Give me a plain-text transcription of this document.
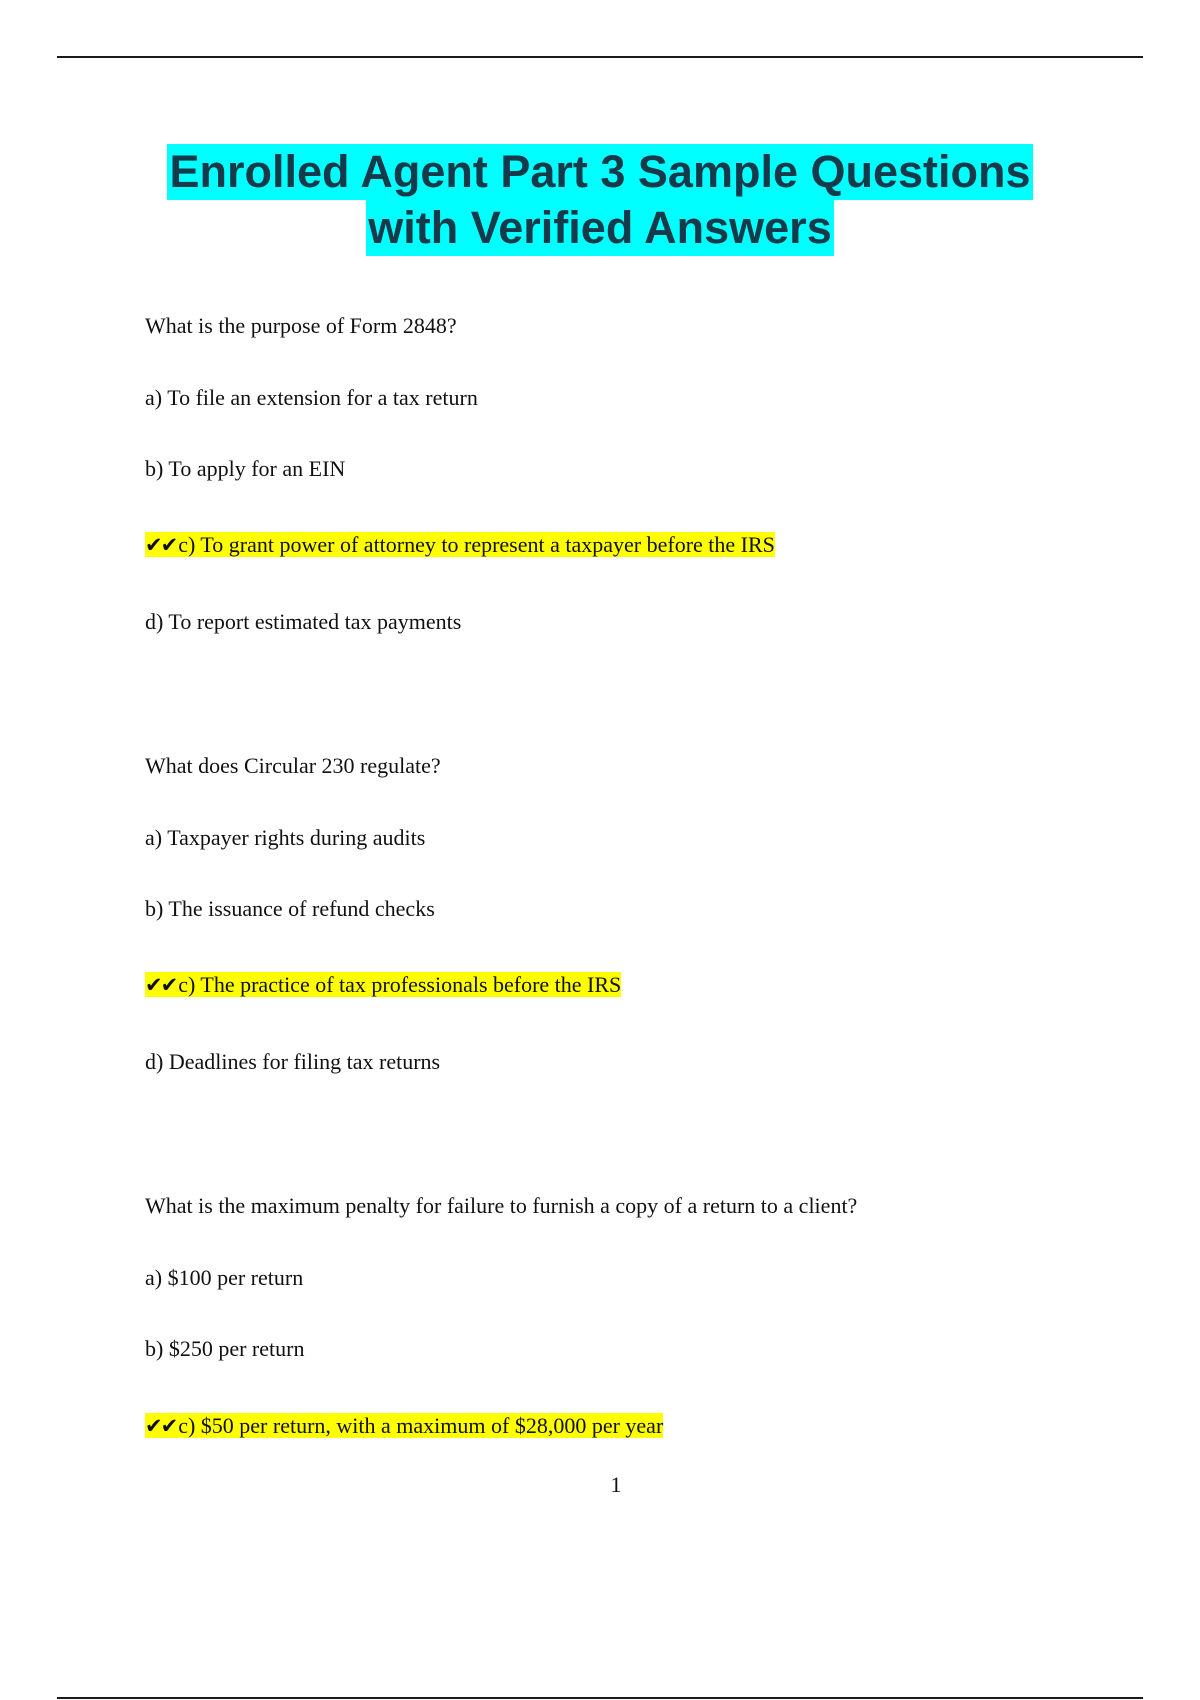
Enrolled Agent Part 3 Sample Questions
with Verified Answers
What is the purpose of Form 2848?
a) To file an extension for a tax return
b) To apply for an EIN
✔✔c) To grant power of attorney to represent a taxpayer before the IRS
d) To report estimated tax payments
What does Circular 230 regulate?
a) Taxpayer rights during audits
b) The issuance of refund checks
✔✔c) The practice of tax professionals before the IRS
d) Deadlines for filing tax returns
What is the maximum penalty for failure to furnish a copy of a return to a client?
a) $100 per return
b) $250 per return
✔✔c) $50 per return, with a maximum of $28,000 per year
1
